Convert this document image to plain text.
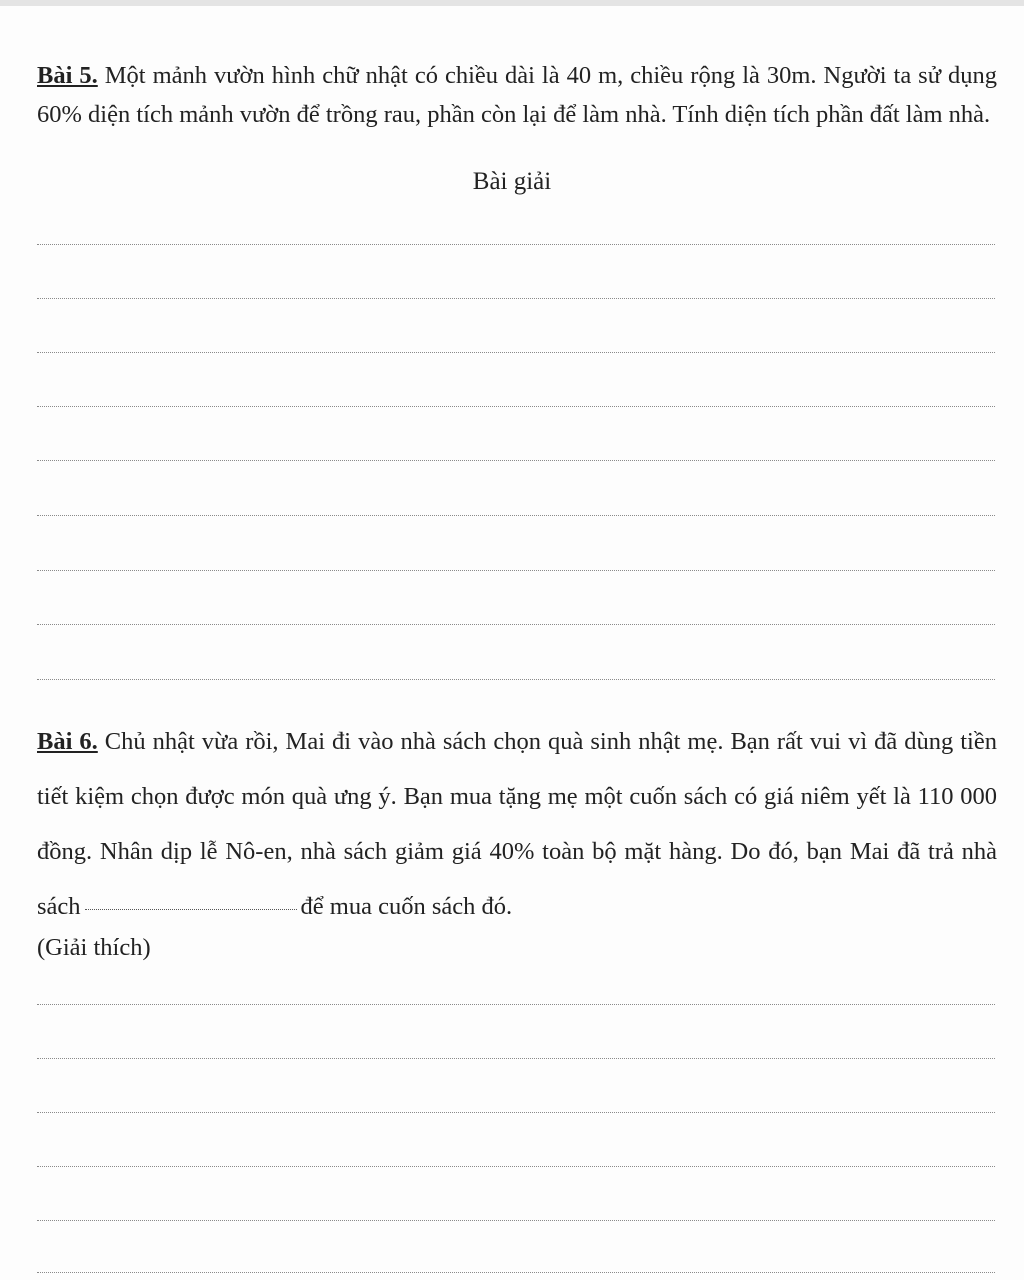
Bài 5. Một mảnh vườn hình chữ nhật có chiều dài là 40 m, chiều rộng là 30m. Người ta sử dụng 60% diện tích mảnh vườn để trồng rau, phần còn lại để làm nhà. Tính diện tích phần đất làm nhà.

Bài giải

Bài 6. Chủ nhật vừa rồi, Mai đi vào nhà sách chọn quà sinh nhật mẹ. Bạn rất vui vì đã dùng tiền tiết kiệm chọn được món quà ưng ý. Bạn mua tặng mẹ một cuốn sách có giá niêm yết là 110 000 đồng. Nhân dịp lễ Nô-en, nhà sách giảm giá 40% toàn bộ mặt hàng. Do đó, bạn Mai đã trả nhà sách	để mua cuốn sách đó.

(Giải thích)
